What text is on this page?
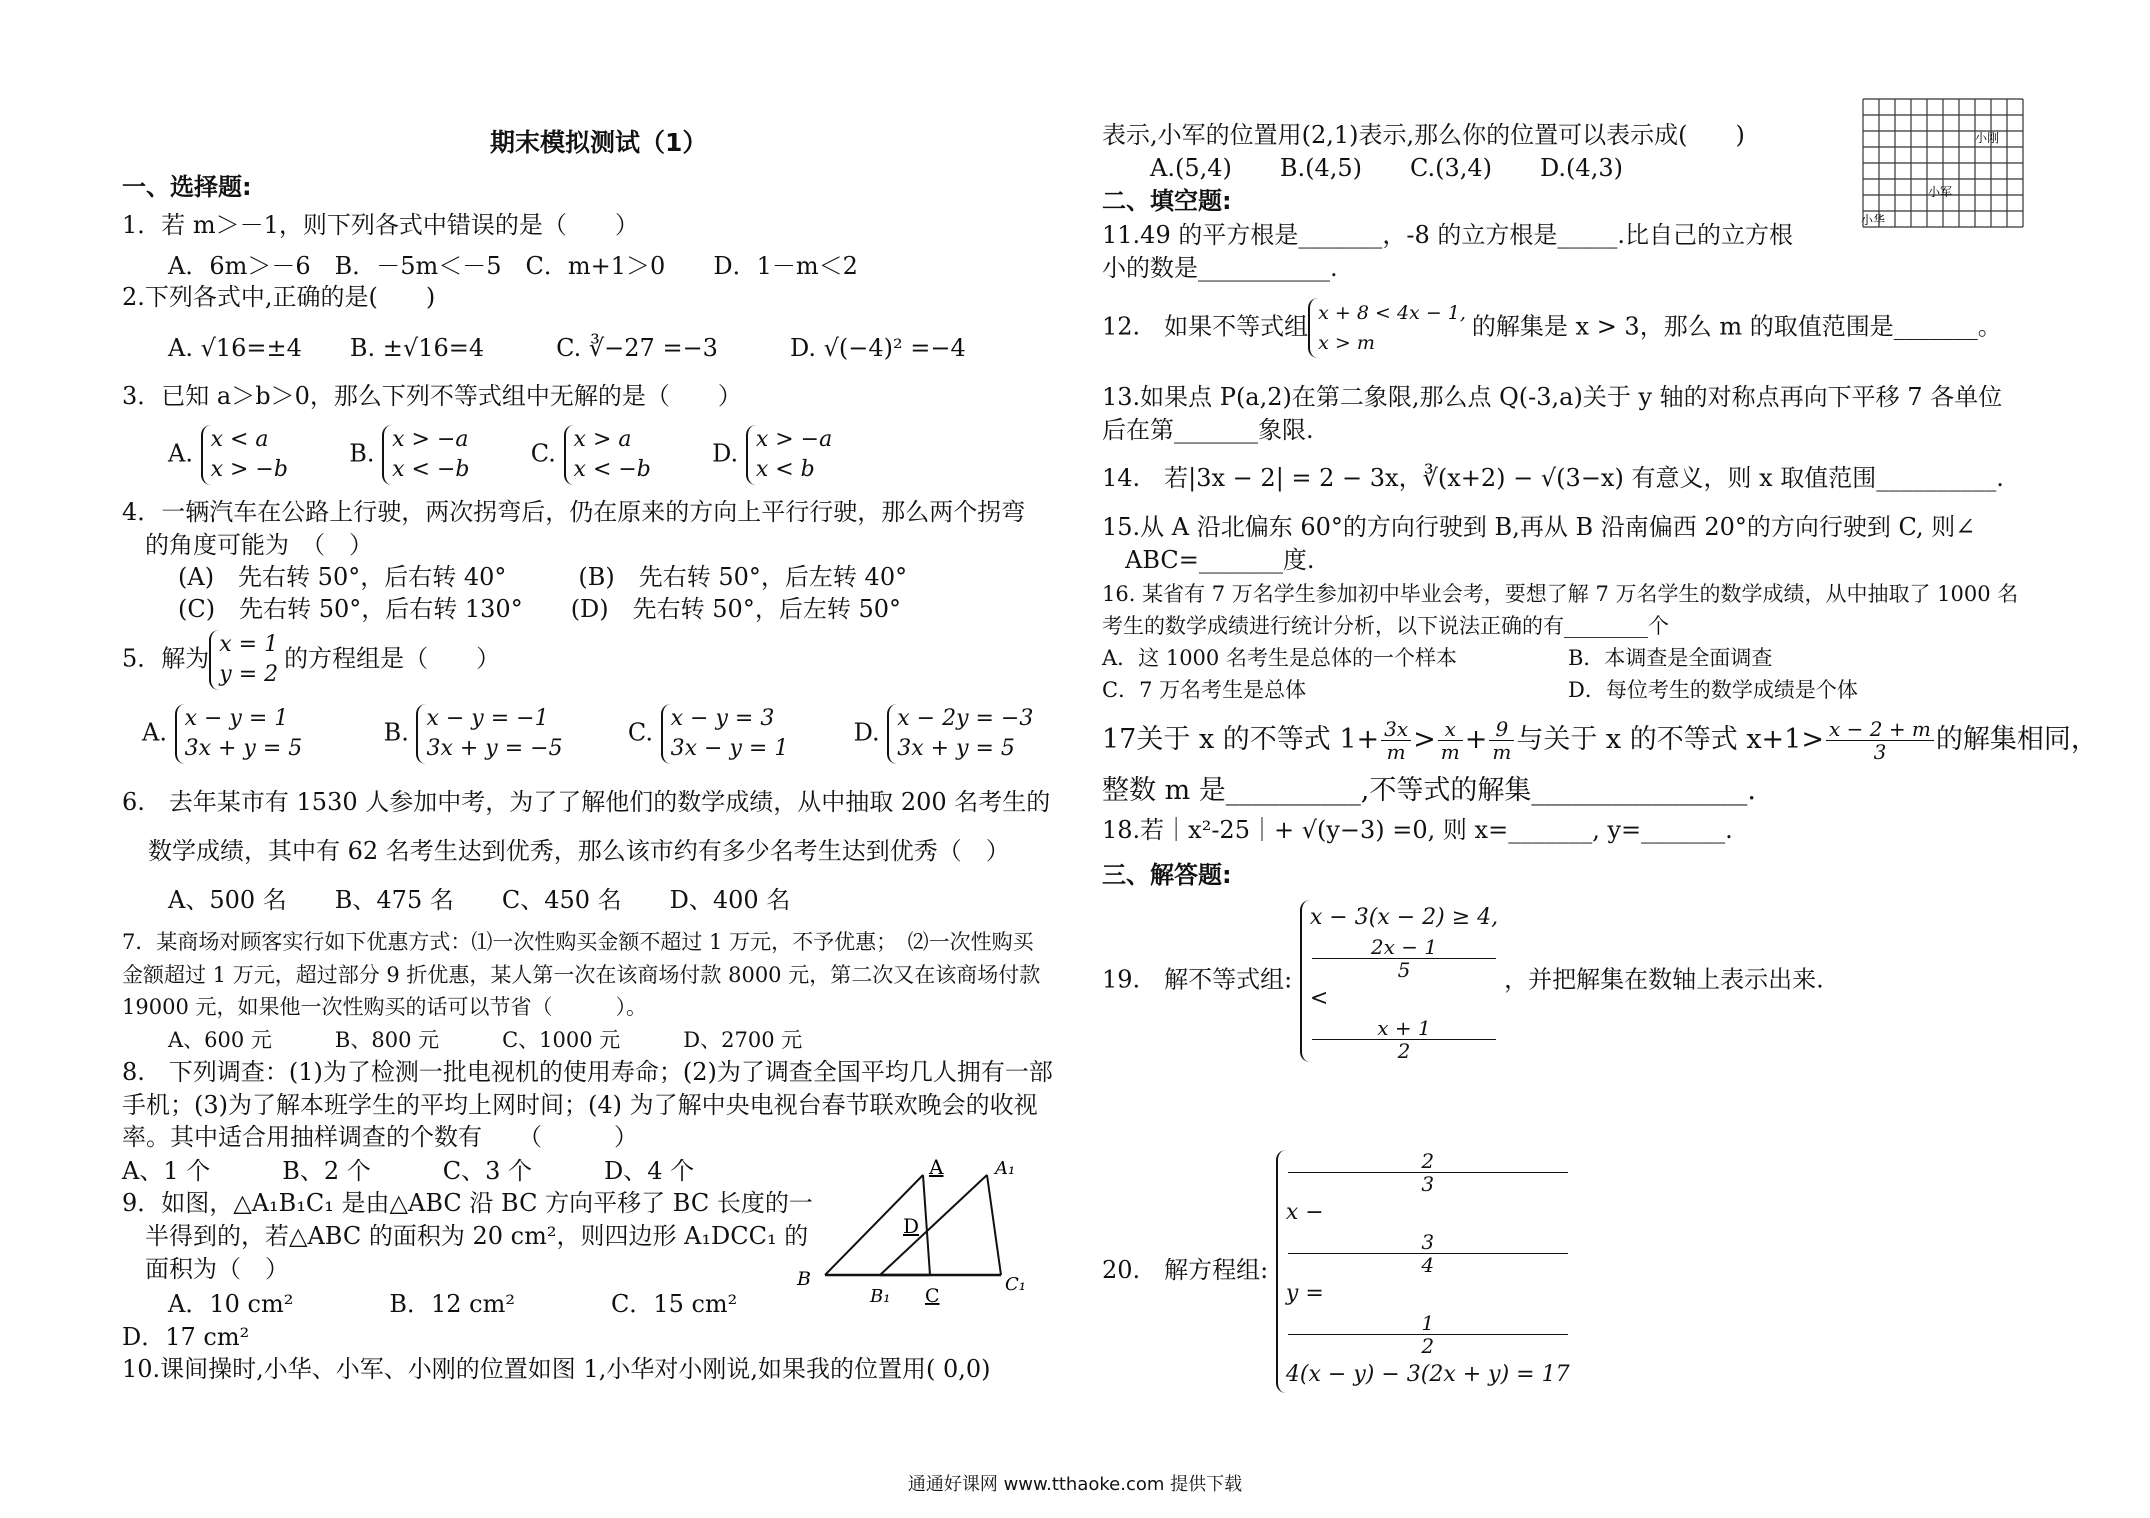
期末模拟测试（1）
一、选择题:
1．若 m＞－1，则下列各式中错误的是（　　）
A．6m＞－6　B．－5m＜－5　C．m+1＞0　　D．1－m＜2
2.下列各式中,正确的是(　　)
A. √16=±4　　B. ±√16=4　　　C. ∛−27 =−3　　　D. √(−4)² =−4
3．已知 a＞b＞0，那么下列不等式组中无解的是（　　）
A. x < a
x > −b
B. x > −a
x < −b
C. x > a
x < −b
D. x > −a
x < b
4．一辆汽车在公路上行驶，两次拐弯后，仍在原来的方向上平行行驶，那么两个拐弯
的角度可能为　（　）
(A)　先右转 50°，后右转 40°　　　(B)　先右转 50°，后左转 40°
(C)　先右转 50°，后右转 130°　　(D)　先右转 50°，后左转 50°
5．解为 x = 1
y = 2
的方程组是（　　）
A. x − y = 1
3x + y = 5
B. x − y = −1
3x + y = −5
C. x − y = 3
3x − y = 1
D. x − 2y = −3
3x + y = 5
6.　去年某市有 1530 人参加中考，为了了解他们的数学成绩，从中抽取 200 名考生的
数学成绩，其中有 62 名考生达到优秀，那么该市约有多少名考生达到优秀（　）
A、500 名　　B、475 名　　C、450 名　　D、400 名
7．某商场对顾客实行如下优惠方式：⑴一次性购买金额不超过 1 万元，不予优惠；　⑵一次性购买
金额超过 1 万元，超过部分 9 折优惠，某人第一次在该商场付款 8000 元，第二次又在该商场付款
19000 元，如果他一次性购买的话可以节省（　　　）。
A、600 元　　　B、800 元　　　C、1000 元　　　D、2700 元
8.　下列调查：(1)为了检测一批电视机的使用寿命；(2)为了调查全国平均几人拥有一部
手机；(3)为了解本班学生的平均上网时间；(4) 为了解中央电视台春节联欢晚会的收视
率。其中适合用抽样调查的个数有　　（　　　）
A、1 个　　　B、2 个　　　C、3 个　　　D、4 个
9．如图，△A₁B₁C₁ 是由△ABC 沿 BC 方向平移了 BC 长度的一
半得到的，若△ABC 的面积为 20 cm²，则四边形 A₁DCC₁ 的
面积为（　）
A．10 cm²　　　　B．12 cm²　　　　C．15 cm²
D．17 cm²
A	A₁
B
B₁ C
C₁
D
10.课间操时,小华、小军、小刚的位置如图 1,小华对小刚说,如果我的位置用( 0,0)
表示,小军的位置用(2,1)表示,那么你的位置可以表示成(　　)
A.(5,4)　　B.(4,5)　　C.(3,4)　　D.(4,3)
小刚
小军
小华
二、填空题:
11.49 的平方根是_______，-8 的立方根是_____.比自己的立方根
小的数是___________.
12.　如果不等式组 x + 8 < 4x − 1,
x > m
的解集是 x > 3，那么 m 的取值范围是_______。
13.如果点 P(a,2)在第二象限,那么点 Q(-3,a)关于 y 轴的对称点再向下平移 7 各单位
后在第_______象限.
14.　若|3x − 2| = 2 − 3x，∛(x+2) − √(3−x) 有意义，则 x 取值范围__________.
15.从 A 沿北偏东 60°的方向行驶到 B,再从 B 沿南偏西 20°的方向行驶到 C, 则∠
ABC=_______度.
16. 某省有 7 万名学生参加初中毕业会考，要想了解 7 万名学生的数学成绩，从中抽取了 1000 名
考生的数学成绩进行统计分析，以下说法正确的有________个
A．这 1000 名考生是总体的一个样本	B．本调查是全面调查
C．7 万名考生是总体	D．每位考生的数学成绩是个体
17关于 x 的不等式 $1+ \frac{3x}{m} > \frac{x}{m} + \frac{9}{m}$ 与关于 x 的不等式 $x+1> \frac{x - 2 + m}{3}$ 的解集相同，
整数 m 是__________,不等式的解集________________.
18.若｜x²-25｜+ √(y−3) =0, 则 x=_______, y=_______.
三、解答题:
19.　解不等式组:
x − 3(x − 2) ≥ 4,
2x − 1
5
<
x + 1
2
，并把解集在数轴上表示出来.
20.　解方程组:
2
3
x −
3
4
y =
1
2
4(x − y) − 3(2x + y) = 17
通通好课网 www.tthaoke.com 提供下载
